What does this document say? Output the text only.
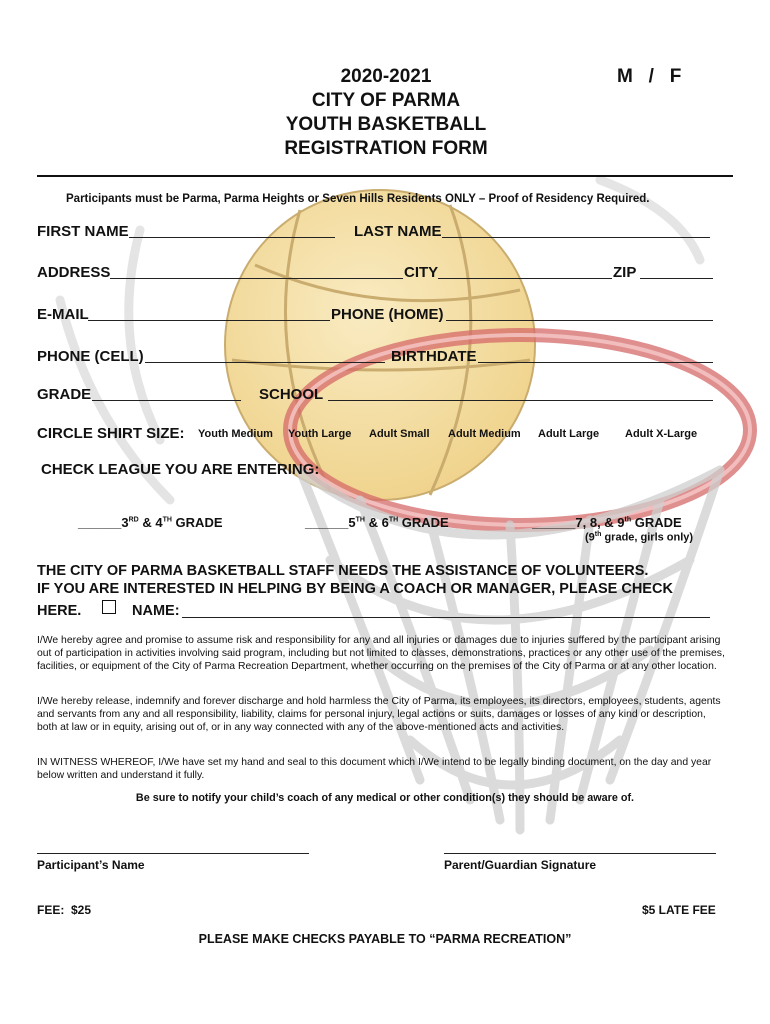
2020-2021
CITY OF PARMA
YOUTH BASKETBALL
REGISTRATION FORM
M   /   F
Participants must be Parma, Parma Heights or Seven Hills Residents ONLY – Proof of Residency Required.
FIRST NAME	LAST NAME
ADDRESS	CITY	ZIP
E-MAIL	PHONE (HOME)
PHONE (CELL)	BIRTHDATE
GRADE	SCHOOL
CIRCLE SHIRT SIZE: Youth Medium Youth Large Adult Small Adult Medium Adult Large Adult X-Large
CHECK LEAGUE YOU ARE ENTERING:
______3RD & 4TH GRADE	______5TH & 6TH GRADE	______7, 8, & 9th GRADE
(9th grade, girls only)
THE CITY OF PARMA BASKETBALL STAFF NEEDS THE ASSISTANCE OF VOLUNTEERS.
IF YOU ARE INTERESTED IN HELPING BY BEING A COACH OR MANAGER, PLEASE CHECK
HERE.	NAME:
I/We hereby agree and promise to assume risk and responsibility for any and all injuries or damages due to injuries suffered by the participant arising out of participation in activities involving said program, including but not limited to classes, demonstrations, practices or any other use of the premises, facilities, or equipment of the City of Parma Recreation Department, whether occurring on the premises of the City of Parma or at any other location.
I/We hereby release, indemnify and forever discharge and hold harmless the City of Parma, its employees, its directors, employees, students, agents and servants from any and all responsibility, liability, claims for personal injury, legal actions or suits, damages or losses of any kind or description, both at law or in equity, arising out of, or in any way connected with any of the above-mentioned acts and activities.
IN WITNESS WHEREOF, I/We have set my hand and seal to this document which I/We intend to be legally binding document, on the day and year below written and understand it fully.
Be sure to notify your child’s coach of any medical or other condition(s) they should be aware of.
Participant’s Name	Parent/Guardian Signature
FEE:  $25	$5 LATE FEE
PLEASE MAKE CHECKS PAYABLE TO “PARMA RECREATION”
